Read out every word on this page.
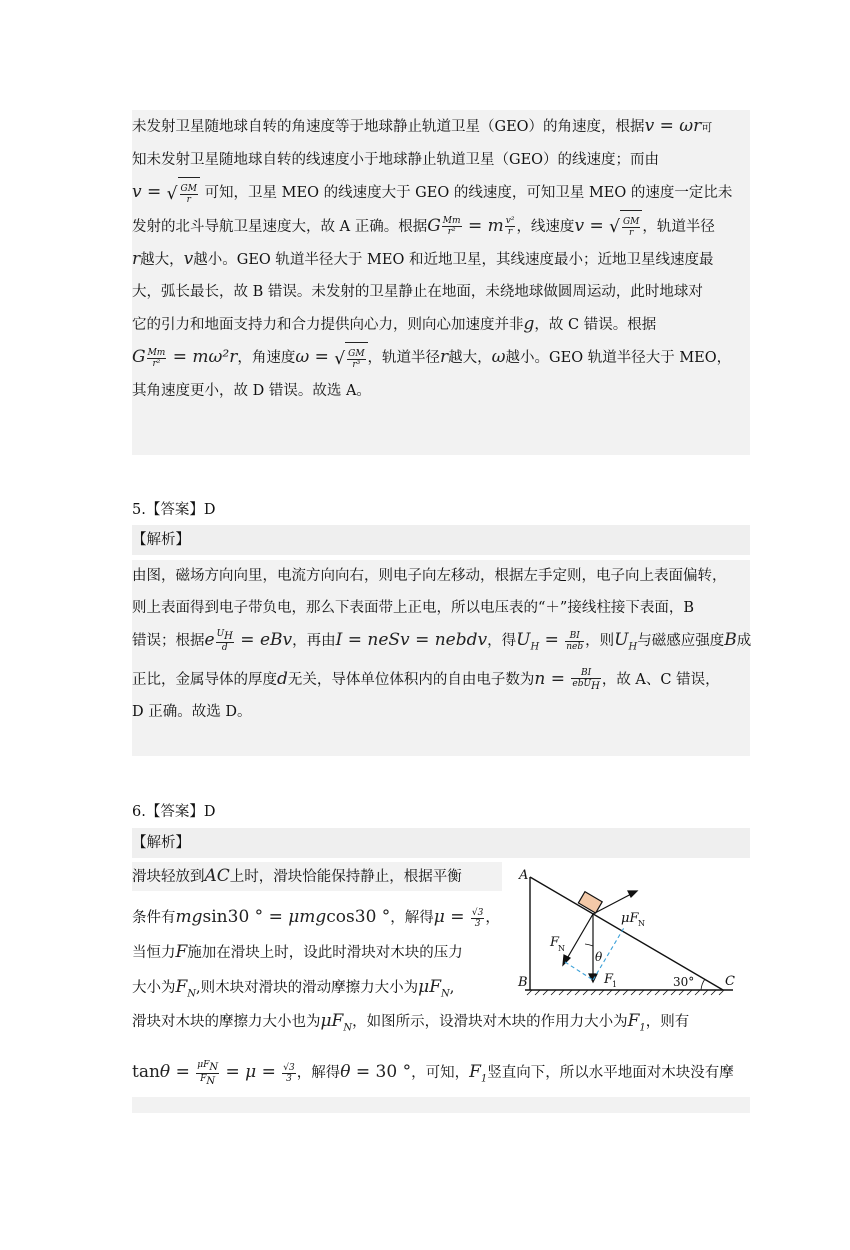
未发射卫星随地球自转的角速度等于地球静止轨道卫星（GEO）的角速度，根据v = ωr可
知未发射卫星随地球自转的线速度小于地球静止轨道卫星（GEO）的线速度；而由
v = √ $\frac{GM}{r}$ 可知，卫星 MEO 的线速度大于 GEO 的线速度，可知卫星 MEO 的速度一定比未
发射的北斗导航卫星速度大，故 A 正确。根据G $\frac{Mm}{\text{r²}} = m \frac{\text{v²}}{r}$ ，线速度v = √ $\frac{GM}{r}$ ，轨道半径
r越大，v越小。GEO 轨道半径大于 MEO 和近地卫星，其线速度最小；近地卫星线速度最
大，弧长最长，故 B 错误。未发射的卫星静止在地面，未绕地球做圆周运动，此时地球对
它的引力和地面支持力和合力提供向心力，则向心加速度并非g，故 C 错误。根据
G $\frac{Mm}{\text{r²}} = m\omega^2r$，角速度ω = √ $\frac{GM}{\text{r³}}$ ，轨道半径r越大，ω越小。GEO 轨道半径大于 MEO，
其角速度更小，故 D 错误。故选 A。
5.【答案】D
【解析】
由图，磁场方向向里，电流方向向右，则电子向左移动，根据左手定则，电子向上表面偏转，
则上表面得到电子带负电，那么下表面带上正电，所以电压表的“＋”接线柱接下表面，B
错误；根据e $\frac{U_H}{d}$ = eBv，再由I = neSv = nebdv，得$U_H = \frac{BI}{\text{neb}}$ ，则$U_H$与磁感应强度B成
正比，金属导体的厚度d无关，导体单位体积内的自由电子数为$n = \frac{BI}{ebU_H}$ ，故 A、C 错误，
D 正确。故选 D。
6.【答案】D
【解析】
滑块轻放到AC上时，滑块恰能保持静止，根据平衡
条件有mgsin30 ° = μmgcos30 °，解得$\mu = \frac{√3}{3}$ ，
当恒力F施加在滑块上时，设此时滑块对木块的压力
大小为$F_N$,则木块对滑块的滑动摩擦力大小为$\mu F_N$,
滑块对木块的摩擦力大小也为$\mu F_N$，如图所示，设滑块对木块的作用力大小为$F_1$，则有
$\tan\theta = \frac{\mu F_N}{F_N} = \mu = \frac{√3}{3}$ ，解得θ = 30 °，可知，$F_1$竖直向下，所以水平地面对木块没有摩
A
B	C
30°
μF N
F
N
θ
F
1
